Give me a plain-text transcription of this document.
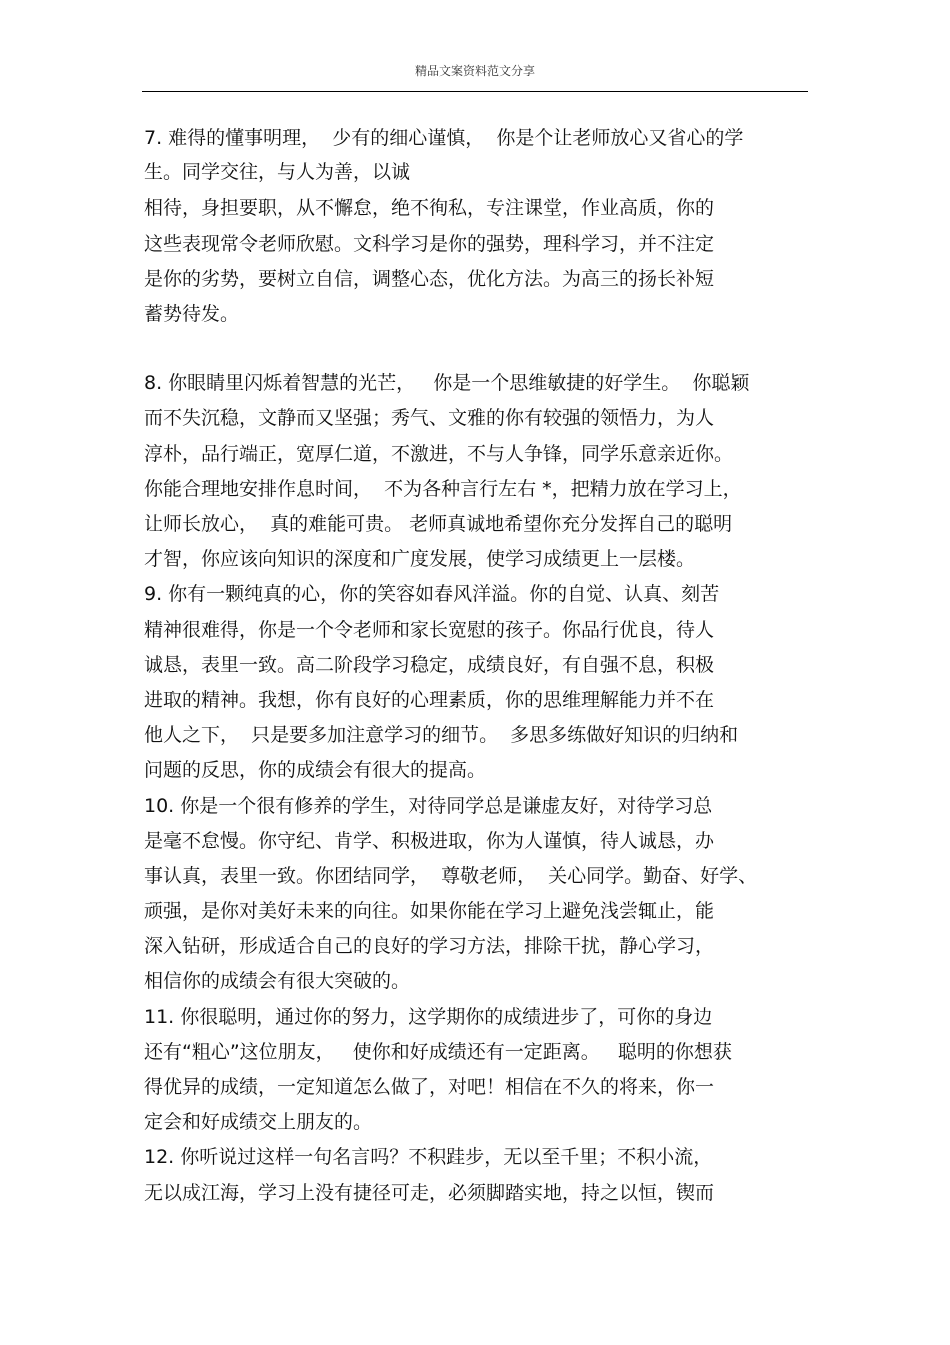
精品文案资料范文分享
7. 难得的懂事明理，  少有的细心谨慎，  你是个让老师放心又省心的学
生。同学交往，与人为善，以诚
相待，身担要职，从不懈怠，绝不徇私，专注课堂，作业高质，你的
这些表现常令老师欣慰。文科学习是你的强势，理科学习，并不注定
是你的劣势，要树立自信，调整心态，优化方法。为高三的扬长补短
蓄势待发。
8. 你眼睛里闪烁着智慧的光芒，   你是一个思维敏捷的好学生。  你聪颖
而不失沉稳，文静而又坚强；秀气、文雅的你有较强的领悟力，为人
淳朴，品行端正，宽厚仁道，不激进，不与人争锋，同学乐意亲近你。
你能合理地安排作息时间，  不为各种言行左右 *，把精力放在学习上，
让师长放心，  真的难能可贵。 老师真诚地希望你充分发挥自己的聪明
才智，你应该向知识的深度和广度发展，使学习成绩更上一层楼。
9. 你有一颗纯真的心，你的笑容如春风洋溢。你的自觉、认真、刻苦
精神很难得，你是一个令老师和家长宽慰的孩子。你品行优良，待人
诚恳，表里一致。高二阶段学习稳定，成绩良好，有自强不息，积极
进取的精神。我想，你有良好的心理素质，你的思维理解能力并不在
他人之下，  只是要多加注意学习的细节。  多思多练做好知识的归纳和
问题的反思，你的成绩会有很大的提高。
10. 你是一个很有修养的学生，对待同学总是谦虚友好，对待学习总
是毫不怠慢。你守纪、肯学、积极进取，你为人谨慎，待人诚恳，办
事认真，表里一致。你团结同学，  尊敬老师，  关心同学。勤奋、好学、
顽强，是你对美好未来的向往。如果你能在学习上避免浅尝辄止，能
深入钻研，形成适合自己的良好的学习方法，排除干扰，静心学习，
相信你的成绩会有很大突破的。
11. 你很聪明，通过你的努力，这学期你的成绩进步了，可你的身边
还有“粗心”这位朋友，   使你和好成绩还有一定距离。   聪明的你想获
得优异的成绩，一定知道怎么做了，对吧！相信在不久的将来，你一
定会和好成绩交上朋友的。
12. 你听说过这样一句名言吗？不积跬步，无以至千里；不积小流，
无以成江海，学习上没有捷径可走，必须脚踏实地，持之以恒，锲而
